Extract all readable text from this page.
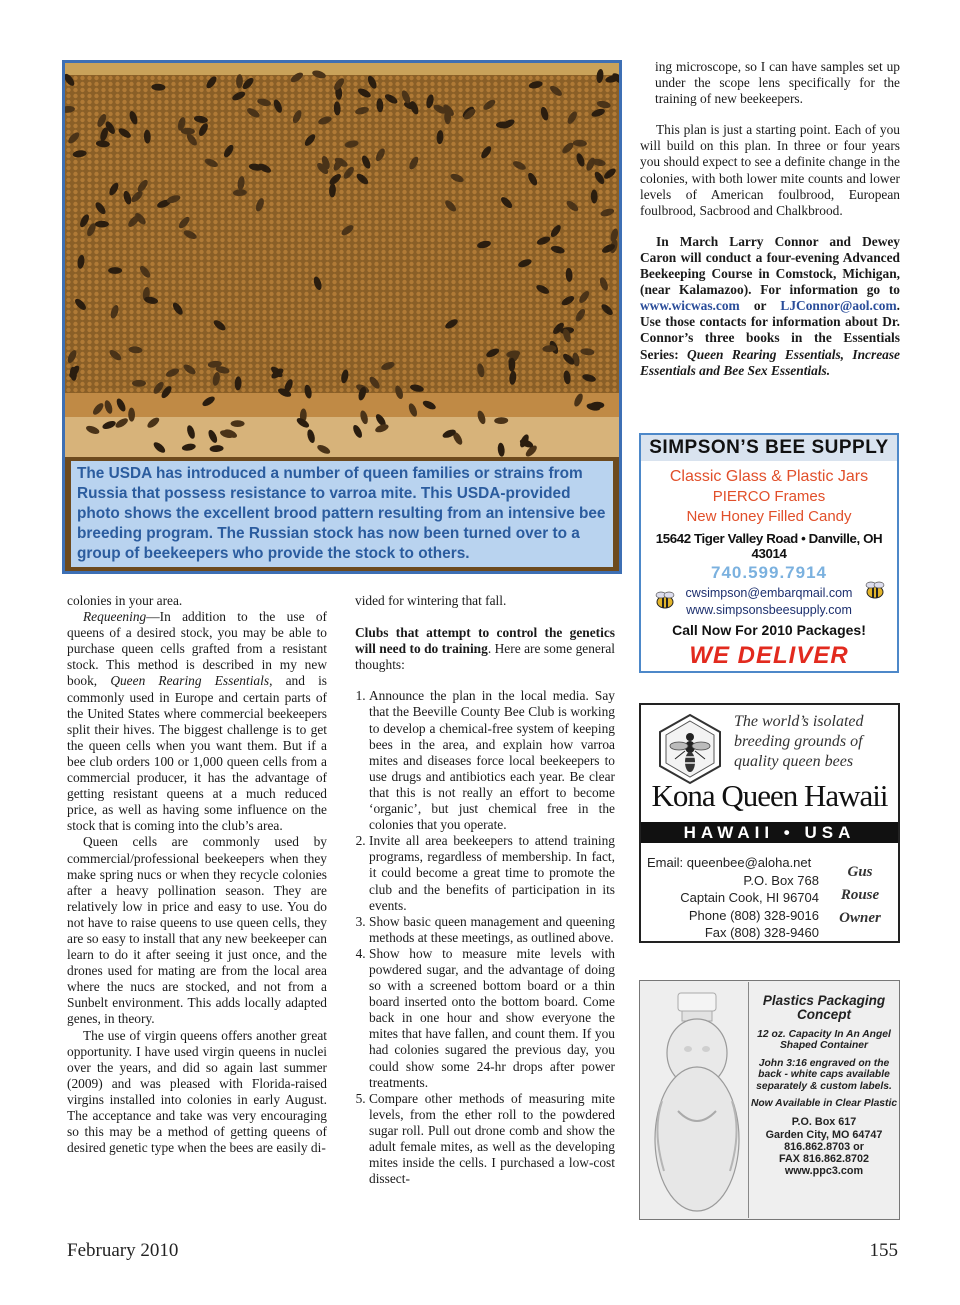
The USDA has introduced a number of queen families or strains from Russia that possess resistance to varroa mite. This USDA-provided photo shows the excellent brood pattern resulting from an intensive bee breeding program. The Russian stock has now been turned over to a group of beekeepers who provide the stock to others.

ing microscope, so I can have samples set up under the scope lens specifically for the training of new beekeepers.

This plan is just a starting point. Each of you will build on this plan. In three or four years you should expect to see a definite change in the colonies, with both lower mite counts and lower levels of American foulbrood, European foulbrood, Sacbrood and Chalkbrood.

In March Larry Connor and Dewey Caron will conduct a four-evening Advanced Beekeeping Course in Comstock, Michigan, (near Kalamazoo). For information go to www.wicwas.com or LJConnor@aol.com. Use those contacts for information about Dr. Connor’s three books in the Essentials Series: Queen Rearing Essentials, Increase Essentials and Bee Sex Essentials.

colonies in your area.

Requeening—In addition to the use of queens of a desired stock, you may be able to purchase queen cells grafted from a resistant stock. This method is described in my new book, Queen Rearing Essentials, and is commonly used in Europe and certain parts of the United States where commercial beekeepers split their hives. The biggest challenge is to get the queen cells when you want them. But if a bee club orders 100 or 1,000 queen cells from a commercial producer, it has the advantage of getting resistant queens at a much reduced price, as well as having some influence on the stock that is coming into the club’s area.

Queen cells are commonly used by commercial/professional beekeepers when they make spring nucs or when they recycle colonies after a heavy pollination season. They are relatively low in price and easy to use. You do not have to raise queens to use queen cells, they are so easy to install that any new beekeeper can learn to do it after seeing it just once, and the drones used for mating are from the local area where the nucs are stocked, and not from a Sunbelt environment. This adds locally adapted genes, in theory.

The use of virgin queens offers another great opportunity. I have used virgin queens in nuclei over the years, and did so again last summer (2009) and was pleased with Florida-raised virgins installed into colonies in early August. The acceptance and take was very encouraging so this may be a method of getting queens of desired genetic type when the bees are easily di-

vided for wintering that fall.

Clubs that attempt to control the genetics will need to do training. Here are some general thoughts:

1. Announce the plan in the local media. Say that the Beeville County Bee Club is working to develop a chemical-free system of keeping bees in the area, and explain how varroa mites and diseases force local beekeepers to use drugs and antibiotics each year. Be clear that this is not really an effort to become ‘organic’, but just chemical free in the colonies that you operate.
2. Invite all area beekeepers to attend training programs, regardless of membership. In fact, it could become a great time to promote the club and the benefits of participation in its events.
3. Show basic queen management and queening methods at these meetings, as outlined above.
4. Show how to measure mite levels with powdered sugar, and the advantage of doing so with a screened bottom board or a thin board inserted onto the bottom board. Come back in one hour and show everyone the mites that have fallen, and count them. If you had colonies sugared the previous day, you could show some 24-hr drops after power treatments.
5. Compare other methods of measuring mite levels, from the ether roll to the powdered sugar roll. Pull out drone comb and show the adult female mites, as well as the developing mites inside the cells. I purchased a low-cost dissect-
SIMPSON’S BEE SUPPLY
Classic Glass & Plastic Jars
PIERCO Frames
New Honey Filled Candy
15642 Tiger Valley Road • Danville, OH 43014
740.599.7914
cwsimpson@embarqmail.com
www.simpsonsbeesupply.com
Call Now For 2010 Packages!
WE DELIVER
The world’s isolated breeding grounds of quality queen bees
Kona Queen Hawaii
HAWAII • USA
Email: queenbee@aloha.net
P.O. Box 768
Captain Cook, HI 96704
Phone (808) 328-9016
Fax (808) 328-9460
Gus
Rouse
Owner
Plastics Packaging Concept
12 oz. Capacity In An Angel Shaped Container
John 3:16 engraved on the back - white caps available separately & custom labels.
Now Available in Clear Plastic
P.O. Box 617
Garden City, MO 64747
816.862.8703 or
FAX 816.862.8702
www.ppc3.com
February 2010	155
